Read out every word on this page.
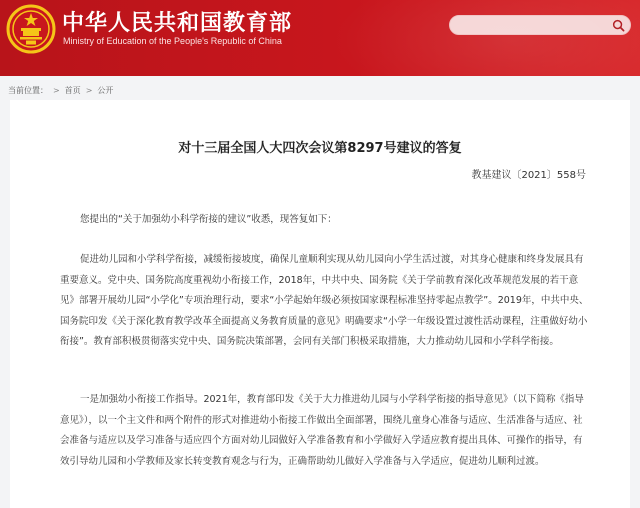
中华人民共和国教育部

Ministry of Education of the People's Republic of China

当前位置： > 首页 > 公开
对十三届全国人大四次会议第8297号建议的答复

教基建议〔2021〕558号

您提出的“关于加强幼小科学衔接的建议”收悉，现答复如下：

促进幼儿园和小学科学衔接，减缓衔接坡度，确保儿童顺利实现从幼儿园向小学生活过渡，对其身心健康和终身发展具有重要意义。党中央、国务院高度重视幼小衔接工作，2018年，中共中央、国务院《关于学前教育深化改革规范发展的若干意见》部署开展幼儿园“小学化”专项治理行动，要求“小学起始年级必须按国家课程标准坚持零起点教学”。2019年，中共中央、国务院印发《关于深化教育教学改革全面提高义务教育质量的意见》明确要求“小学一年级设置过渡性活动课程，注重做好幼小衔接”。教育部积极贯彻落实党中央、国务院决策部署，会同有关部门积极采取措施，大力推动幼儿园和小学科学衔接。

一是加强幼小衔接工作指导。2021年，教育部印发《关于大力推进幼儿园与小学科学衔接的指导意见》（以下简称《指导意见》），以一个主文件和两个附件的形式对推进幼小衔接工作做出全面部署，围绕儿童身心准备与适应、生活准备与适应、社会准备与适应以及学习准备与适应四个方面对幼儿园做好入学准备教育和小学做好入学适应教育提出具体、可操作的指导，有效引导幼儿园和小学教师及家长转变教育观念与行为，正确帮助幼儿做好入学准备与入学适应，促进幼儿顺利过渡。
